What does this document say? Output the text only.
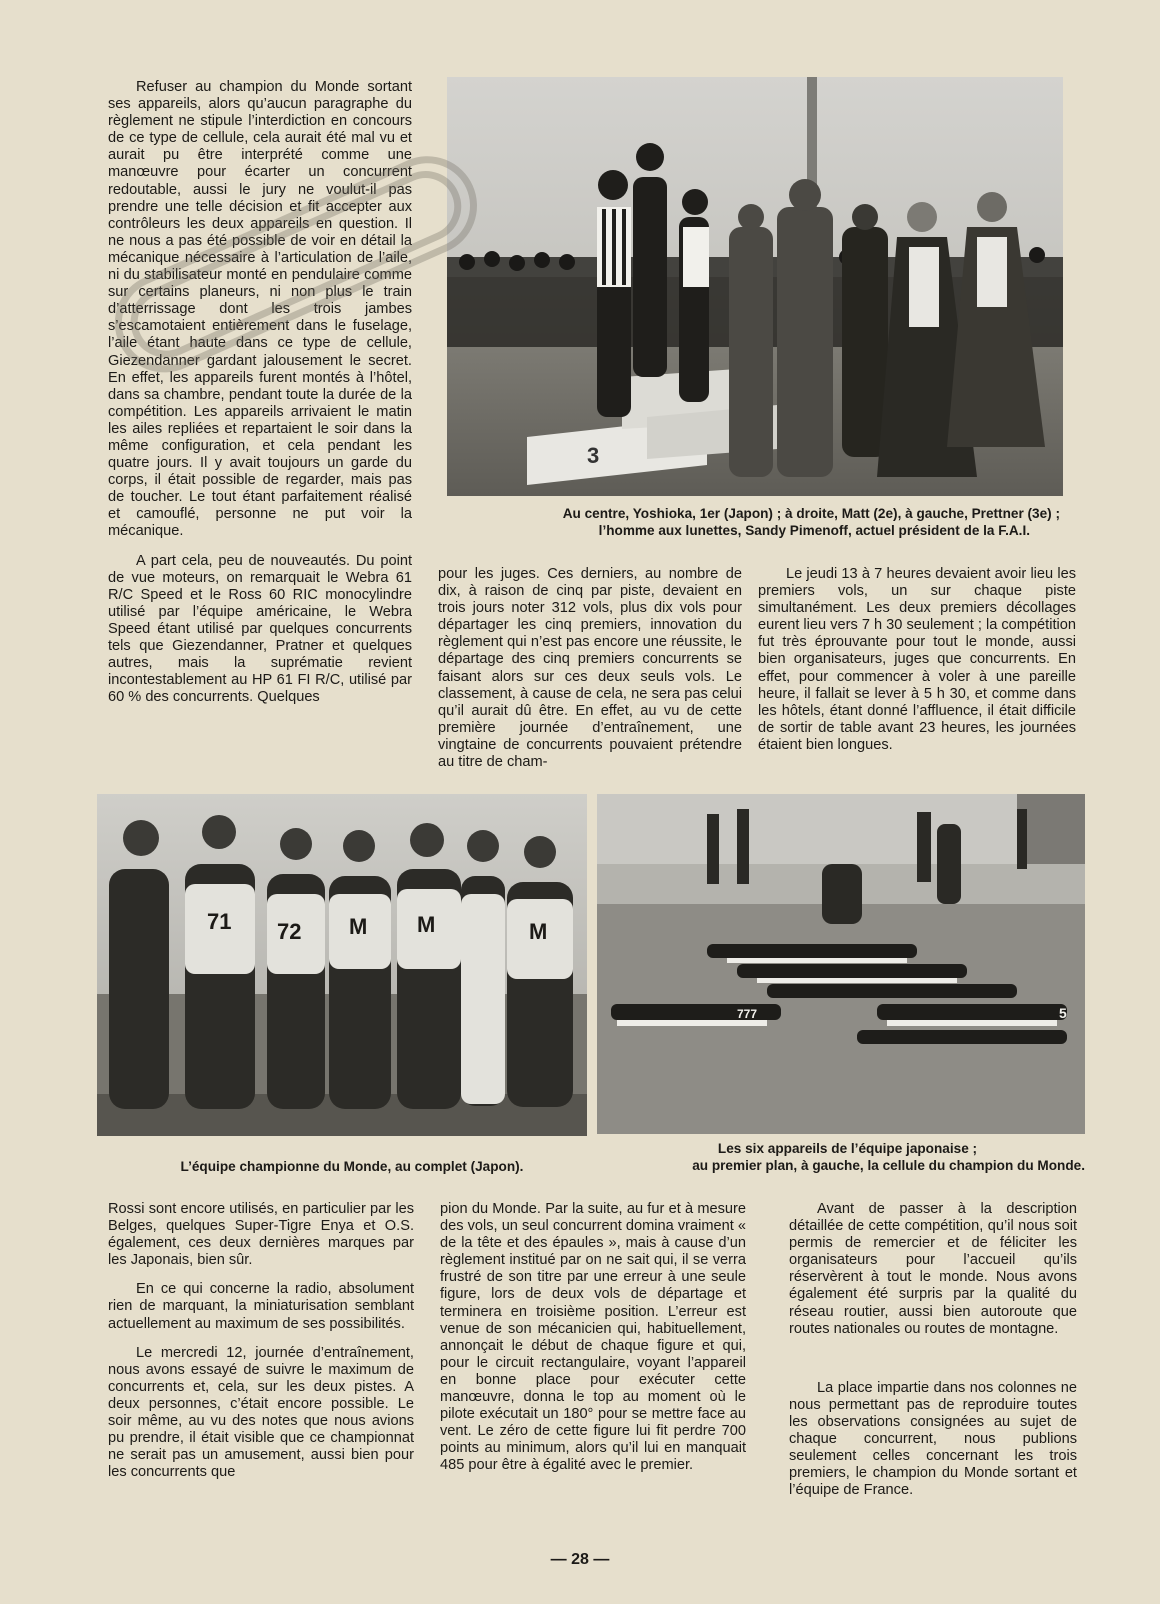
Refuser au champion du Monde sortant ses appareils, alors qu’aucun paragraphe du règlement ne stipule l’interdiction en concours de ce type de cellule, cela aurait été mal vu et aurait pu être interprété comme une manœuvre pour écarter un concurrent redoutable, aussi le jury ne voulut-il pas prendre une telle décision et fit accepter aux contrôleurs les deux appareils en question. Il ne nous a pas été possible de voir en détail la mécanique nécessaire à l’articulation de l’aile, ni du stabilisateur monté en pendulaire comme sur certains planeurs, ni non plus le train d’atterrissage dont les trois jambes s’escamotaient entièrement dans le fuselage, l’aile étant haute dans ce type de cellule, Giezendanner gardant jalousement le secret. En effet, les appareils furent montés à l’hôtel, dans sa chambre, pendant toute la durée de la compétition. Les appareils arrivaient le matin les ailes repliées et repartaient le soir dans la même configuration, et cela pendant les quatre jours. Il y avait toujours un garde du corps, il était possible de regarder, mais pas de toucher. Le tout étant parfaitement réalisé et camouflé, personne ne put voir la mécanique.

A part cela, peu de nouveautés. Du point de vue moteurs, on remarquait le Webra 61 R/C Speed et le Ross 60 RIC monocylindre utilisé par l’équipe américaine, le Webra Speed étant utilisé par quelques concurrents tels que Giezendanner, Pratner et quelques autres, mais la suprématie revient incontestablement au HP 61 FI R/C, utilisé par 60 % des concurrents. Quelques

3
Au centre, Yoshioka, 1er (Japon) ; à droite, Matt (2e), à gauche, Prettner (3e) ;
l’homme aux lunettes, Sandy Pimenoff, actuel président de la F.A.I.

pour les juges. Ces derniers, au nombre de dix, à raison de cinq par piste, devaient en trois jours noter 312 vols, plus dix vols pour départager les cinq premiers, innovation du règlement qui n’est pas encore une réussite, le départage des cinq premiers concurrents se faisant alors sur ces deux seuls vols. Le classement, à cause de cela, ne sera pas celui qu’il aurait dû être. En effet, au vu de cette première journée d’entraînement, une vingtaine de concurrents pouvaient prétendre au titre de cham-

Le jeudi 13 à 7 heures devaient avoir lieu les premiers vols, un sur chaque piste simultanément. Les deux premiers décollages eurent lieu vers 7 h 30 seulement ; la compétition fut très éprouvante pour tout le monde, aussi bien organisateurs, juges que concurrents. En effet, pour commencer à voler à une pareille heure, il fallait se lever à 5 h 30, et comme dans les hôtels, étant donné l’affluence, il était difficile de sortir de table avant 23 heures, les journées étaient bien longues.

71 72 M M	M
777	5
L’équipe championne du Monde, au complet (Japon).
Les six appareils de l’équipe japonaise ;
au premier plan, à gauche, la cellule du champion du Monde.

Rossi sont encore utilisés, en particulier par les Belges, quelques Super-Tigre Enya et O.S. également, ces deux dernières marques par les Japonais, bien sûr.

En ce qui concerne la radio, absolument rien de marquant, la miniaturisation semblant actuellement au maximum de ses possibilités.

Le mercredi 12, journée d’entraînement, nous avons essayé de suivre le maximum de concurrents et, cela, sur les deux pistes. A deux personnes, c’était encore possible. Le soir même, au vu des notes que nous avions pu prendre, il était visible que ce championnat ne serait pas un amusement, aussi bien pour les concurrents que

pion du Monde. Par la suite, au fur et à mesure des vols, un seul concurrent domina vraiment « de la tête et des épaules », mais à cause d’un règlement institué par on ne sait qui, il se verra frustré de son titre par une erreur à une seule figure, lors de deux vols de départage et terminera en troisième position. L’erreur est venue de son mécanicien qui, habituellement, annonçait le début de chaque figure et qui, pour le circuit rectangulaire, voyant l’appareil en bonne place pour exécuter cette manœuvre, donna le top au moment où le pilote exécutait un 180° pour se mettre face au vent. Le zéro de cette figure lui fit perdre 700 points au minimum, alors qu’il lui en manquait 485 pour être à égalité avec le premier.

Avant de passer à la description détaillée de cette compétition, qu’il nous soit permis de remercier et de féliciter les organisateurs pour l’accueil qu’ils réservèrent à tout le monde. Nous avons également été surpris par la qualité du réseau routier, aussi bien autoroute que routes nationales ou routes de montagne.

La place impartie dans nos colonnes ne nous permettant pas de reproduire toutes les observations consignées au sujet de chaque concurrent, nous publions seulement celles concernant les trois premiers, le champion du Monde sortant et l’équipe de France.

— 28 —
